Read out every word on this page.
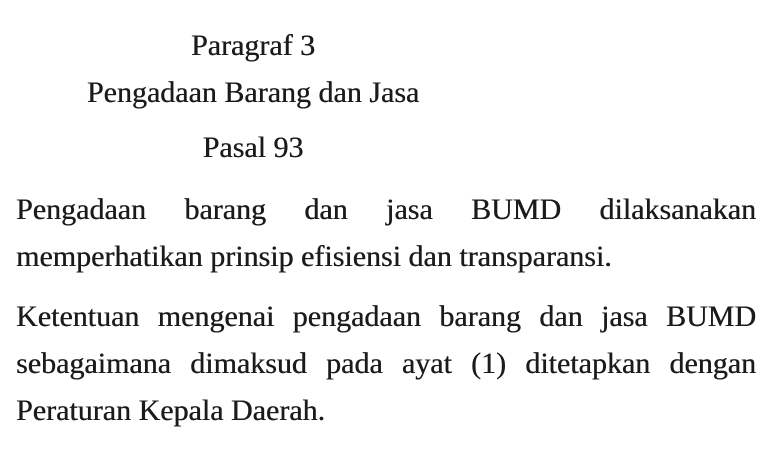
Paragraf 3
Pengadaan Barang dan Jasa
Pasal 93
Pengadaan barang dan jasa BUMD dilaksanakan
memperhatikan prinsip efisiensi dan transparansi.
Ketentuan mengenai pengadaan barang dan jasa BUMD
sebagaimana dimaksud pada ayat (1) ditetapkan dengan
Peraturan Kepala Daerah.
